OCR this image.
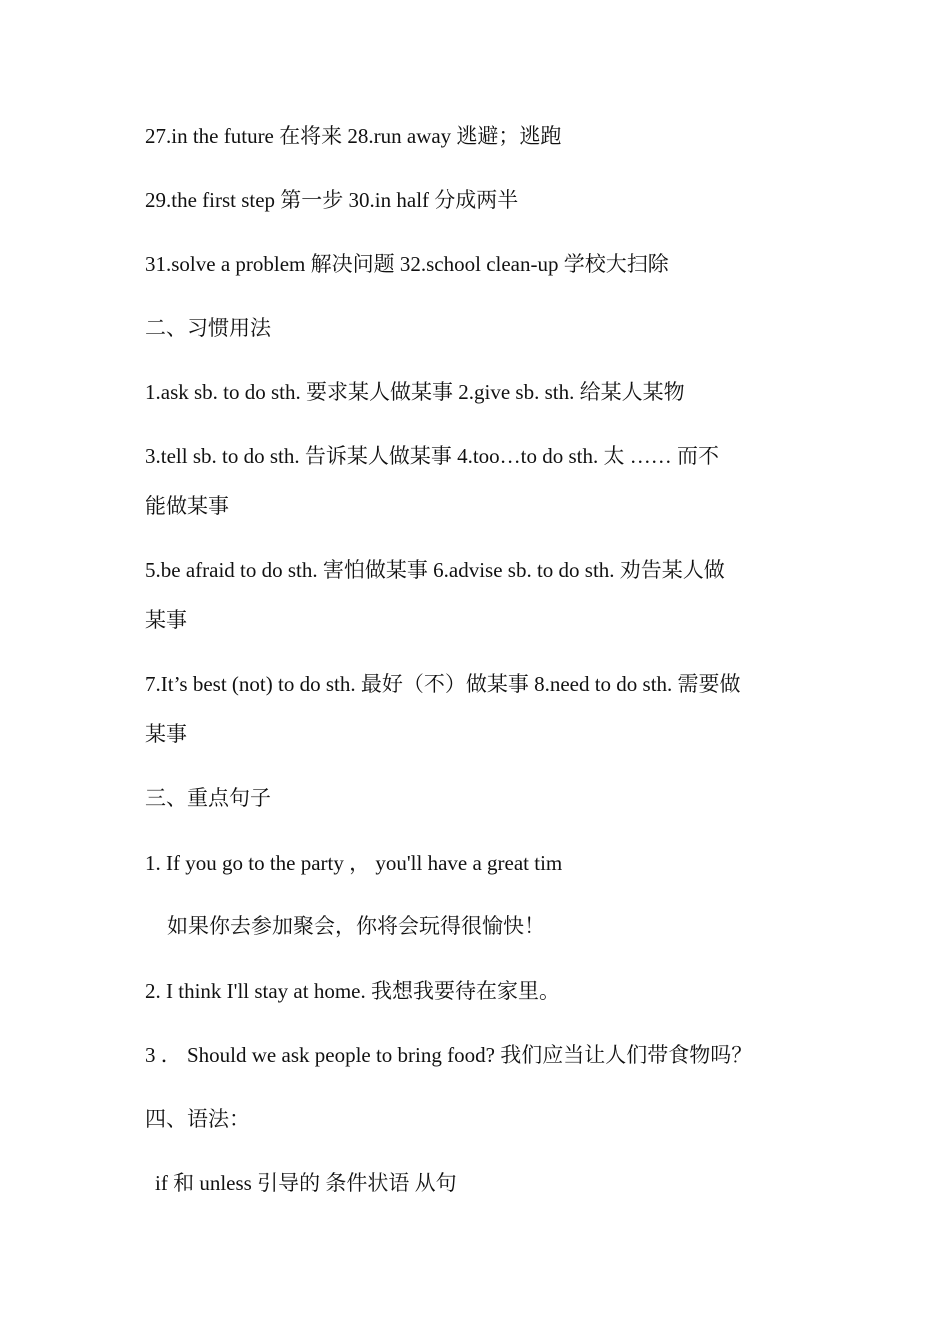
27.in the future 在将来 28.run away 逃避；逃跑
29.the first step 第一步 30.in half 分成两半
31.solve a problem 解决问题 32.school clean-up 学校大扫除
二、习惯用法
1.ask sb. to do sth. 要求某人做某事 2.give sb. sth. 给某人某物
3.tell sb. to do sth. 告诉某人做某事 4.too…to do sth. 太 …… 而不
能做某事
5.be afraid to do sth. 害怕做某事 6.advise sb. to do sth. 劝告某人做
某事
7.It’s best (not) to do sth. 最好（不）做某事 8.need to do sth. 需要做
某事
三、重点句子
1. If you go to the party ， you'll have a great tim
如果你去参加聚会，你将会玩得很愉快！
2. I think I'll stay at home. 我想我要待在家里。
3 ． Should we ask people to bring food? 我们应当让人们带食物吗？
四、语法：
if 和 unless 引导的 条件状语 从句
